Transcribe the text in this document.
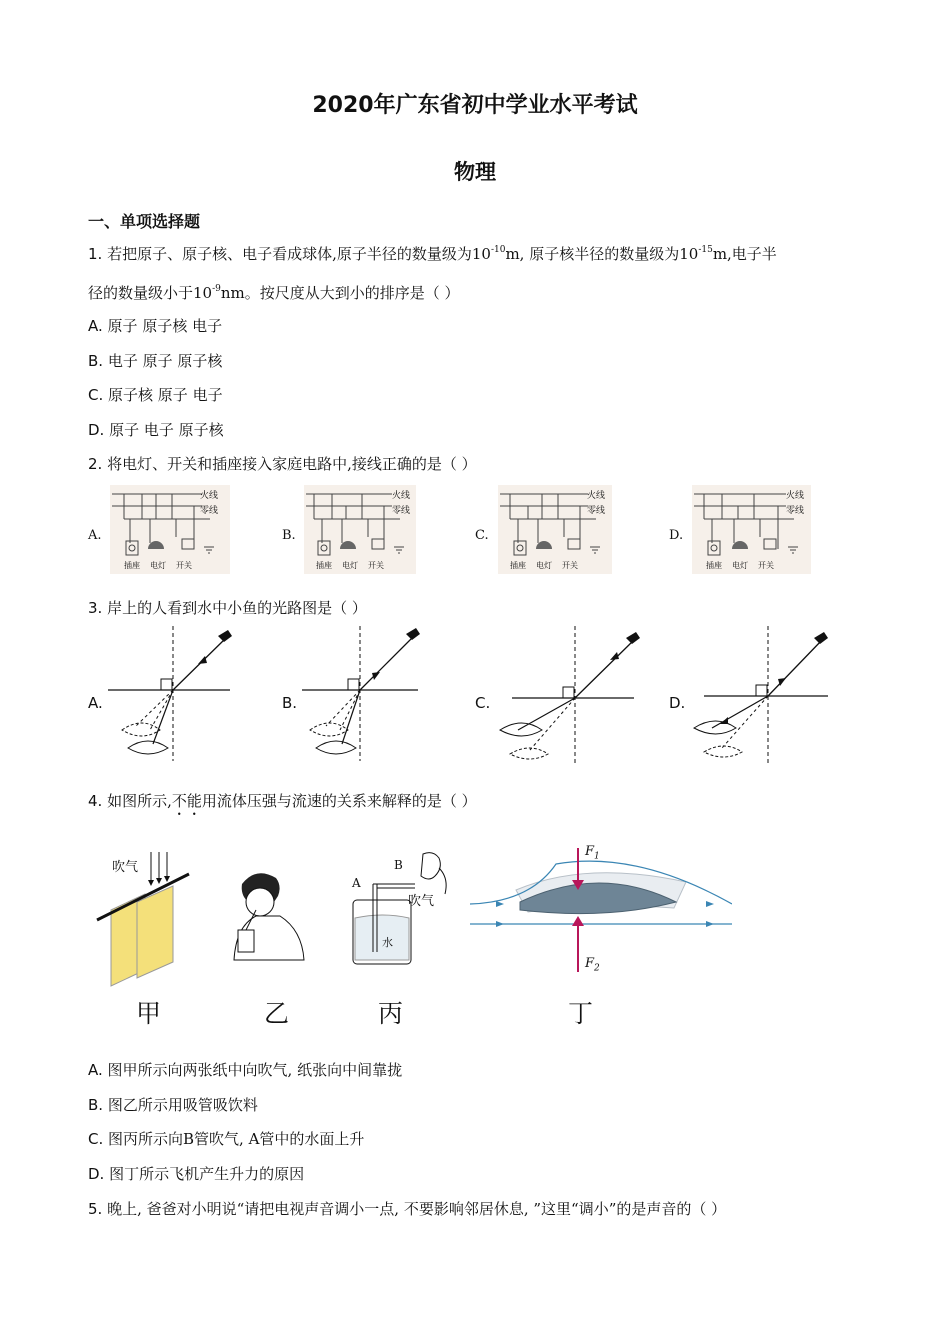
2020年广东省初中学业水平考试
物理
一、单项选择题
1. 若把原子、原子核、电子看成球体,原子半径的数量级为$10^{-10}m$, 原子核半径的数量级为$10^{-15}m$,电子半
径的数量级小于$10^{-9}nm$。按尺度从大到小的排序是（ ）
A. 原子 原子核 电子
B. 电子 原子 原子核
C. 原子核 原子 电子
D. 原子 电子 原子核
2. 将电灯、开关和插座接入家庭电路中,接线正确的是（ ）
A.	B.	C.	D.
火线
零线
插座 电灯 开关
火线
零线
插座 电灯 开关
火线
零线
插座 电灯 开关
火线
零线
插座 电灯 开关
3. 岸上的人看到水中小鱼的光路图是（ ）
A.	B.	C.	D.
4. 如图所示,不能用流体压强与流速的关系来解释的是（ ）
吹气
A
B
吹气
水
$F_1$
$F_2$
甲	乙	丙	丁
A. 图甲所示向两张纸中向吹气, 纸张向中间靠拢
B. 图乙所示用吸管吸饮料
C. 图丙所示向B管吹气, A管中的水面上升
D. 图丁所示飞机产生升力的原因
5. 晚上, 爸爸对小明说“请把电视声音调小一点, 不要影响邻居休息, ”这里“调小”的是声音的（ ）
